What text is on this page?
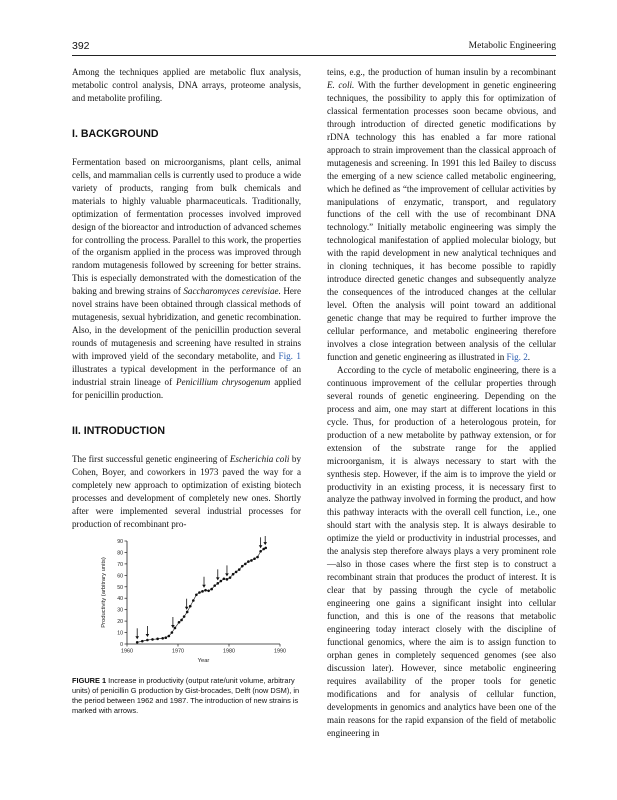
392	Metabolic Engineering

Among the techniques applied are metabolic flux analysis, metabolic control analysis, DNA arrays, proteome analysis, and metabolite profiling.

I. BACKGROUND

Fermentation based on microorganisms, plant cells, animal cells, and mammalian cells is currently used to produce a wide variety of products, ranging from bulk chemicals and materials to highly valuable pharmaceuticals. Traditionally, optimization of fermentation processes involved improved design of the bioreactor and introduction of advanced schemes for controlling the process. Parallel to this work, the properties of the organism applied in the process was improved through random mutagenesis followed by screening for better strains. This is especially demonstrated with the domestication of the baking and brewing strains of Saccharomyces cerevisiae. Here novel strains have been obtained through classical methods of mutagenesis, sexual hybridization, and genetic recombination. Also, in the development of the penicillin production several rounds of mutagenesis and screening have resulted in strains with improved yield of the secondary metabolite, and Fig. 1 illustrates a typical development in the performance of an industrial strain lineage of Penicillium chrysogenum applied for penicillin production.

II. INTRODUCTION

The first successful genetic engineering of Escherichia coli by Cohen, Boyer, and coworkers in 1973 paved the way for a completely new approach to optimization of existing biotech processes and development of completely new ones. Shortly after were implemented several industrial processes for production of recombinant pro-

teins, e.g., the production of human insulin by a recombinant E. coli. With the further development in genetic engineering techniques, the possibility to apply this for optimization of classical fermentation processes soon became obvious, and through introduction of directed genetic modifications by rDNA technology this has enabled a far more rational approach to strain improvement than the classical approach of mutagenesis and screening. In 1991 this led Bailey to discuss the emerging of a new science called metabolic engineering, which he defined as “the improvement of cellular activities by manipulations of enzymatic, transport, and regulatory functions of the cell with the use of recombinant DNA technology.” Initially metabolic engineering was simply the technological manifestation of applied molecular biology, but with the rapid development in new analytical techniques and in cloning techniques, it has become possible to rapidly introduce directed genetic changes and subsequently analyze the consequences of the introduced changes at the cellular level. Often the analysis will point toward an additional genetic change that may be required to further improve the cellular performance, and metabolic engineering therefore involves a close integration between analysis of the cellular function and genetic engineering as illustrated in Fig. 2.

According to the cycle of metabolic engineering, there is a continuous improvement of the cellular properties through several rounds of genetic engineering. Depending on the process and aim, one may start at different locations in this cycle. Thus, for production of a heterologous protein, for production of a new metabolite by pathway extension, or for extension of the substrate range for the applied microorganism, it is always necessary to start with the synthesis step. However, if the aim is to improve the yield or productivity in an existing process, it is necessary first to analyze the pathway involved in forming the product, and how this pathway interacts with the overall cell function, i.e., one should start with the analysis step. It is always desirable to optimize the yield or productivity in industrial processes, and the analysis step therefore always plays a very prominent role—also in those cases where the first step is to construct a recombinant strain that produces the product of interest. It is clear that by passing through the cycle of metabolic engineering one gains a significant insight into cellular function, and this is one of the reasons that metabolic engineering today interact closely with the discipline of functional genomics, where the aim is to assign function to orphan genes in completely sequenced genomes (see also discussion later). However, since metabolic engineering requires availability of the proper tools for genetic modifications and for analysis of cellular function, developments in genomics and analytics have been one of the main reasons for the rapid expansion of the field of metabolic engineering in

0
10
20
30
40
50
60
70
80
90
1960	1970	1980	1990
Year
Productivity (arbitrary units)
FIGURE 1 Increase in productivity (output rate/unit volume, arbitrary units) of penicillin G production by Gist-brocades, Delft (now DSM), in the period between 1962 and 1987. The introduction of new strains is marked with arrows.
